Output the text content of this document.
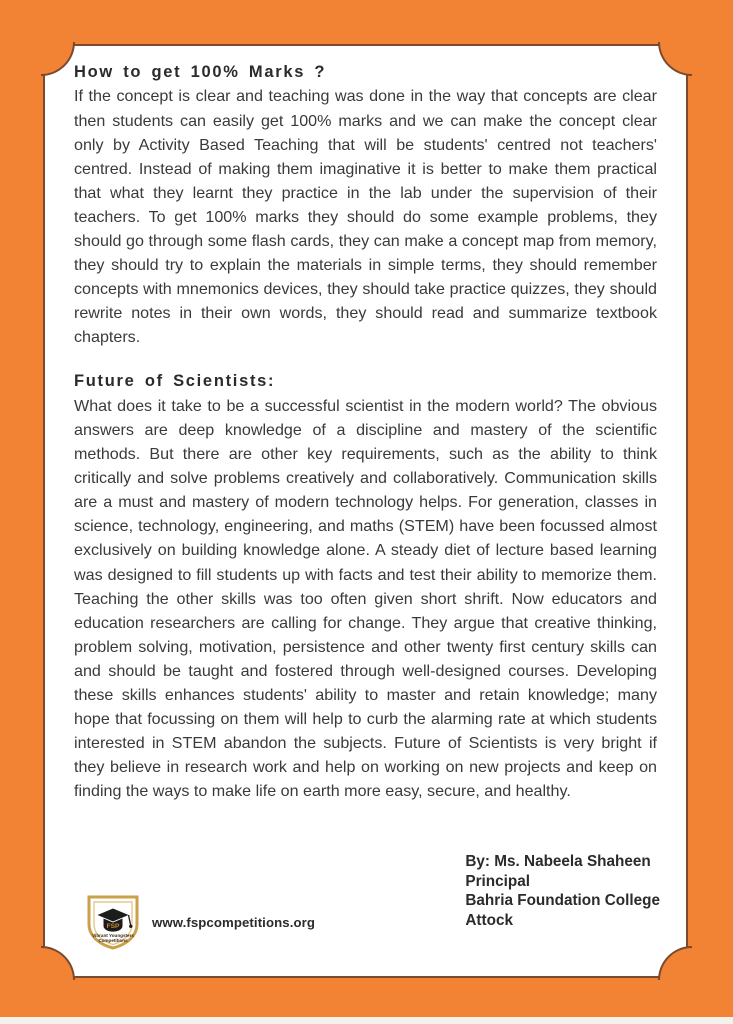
How to get 100% Marks ?

If the concept is clear and teaching was done in the way that concepts are clear then students can easily get 100% marks and we can make the concept clear only by Activity Based Teaching that will be students' centred not teachers' centred. Instead of making them imaginative it is better to make them practical that what they learnt they practice in the lab under the supervision of their teachers. To get 100% marks they should do some example problems, they should go through some flash cards, they can make a concept map from memory, they should try to explain the materials in simple terms, they should remember concepts with mnemonics devices, they should take practice quizzes, they should rewrite notes in their own words, they should read and summarize textbook chapters.

Future of Scientists:

What does it take to be a successful scientist in the modern world? The obvious answers are deep knowledge of a discipline and mastery of the scientific methods. But there are other key requirements, such as the ability to think critically and solve problems creatively and collaboratively. Communication skills are a must and mastery of modern technology helps. For generation, classes in science, technology, engineering, and maths (STEM) have been focussed almost exclusively on building knowledge alone. A steady diet of lecture based learning was designed to fill students up with facts and test their ability to memorize them. Teaching the other skills was too often given short shrift. Now educators and education researchers are calling for change. They argue that creative thinking, problem solving, motivation, persistence and other twenty first century skills can and should be taught and fostered through well-designed courses. Developing these skills enhances students' ability to master and retain knowledge; many hope that focussing on them will help to curb the alarming rate at which students interested in STEM abandon the subjects. Future of Scientists is very bright if they believe in research work and help on working on new projects and keep on finding the ways to make life on earth more easy, secure, and healthy.

By: Ms. Nabeela Shaheen
Principal
Bahria Foundation College
Attock
FSP
Vibrant Youngsters
Competitions
www.fspcompetitions.org
